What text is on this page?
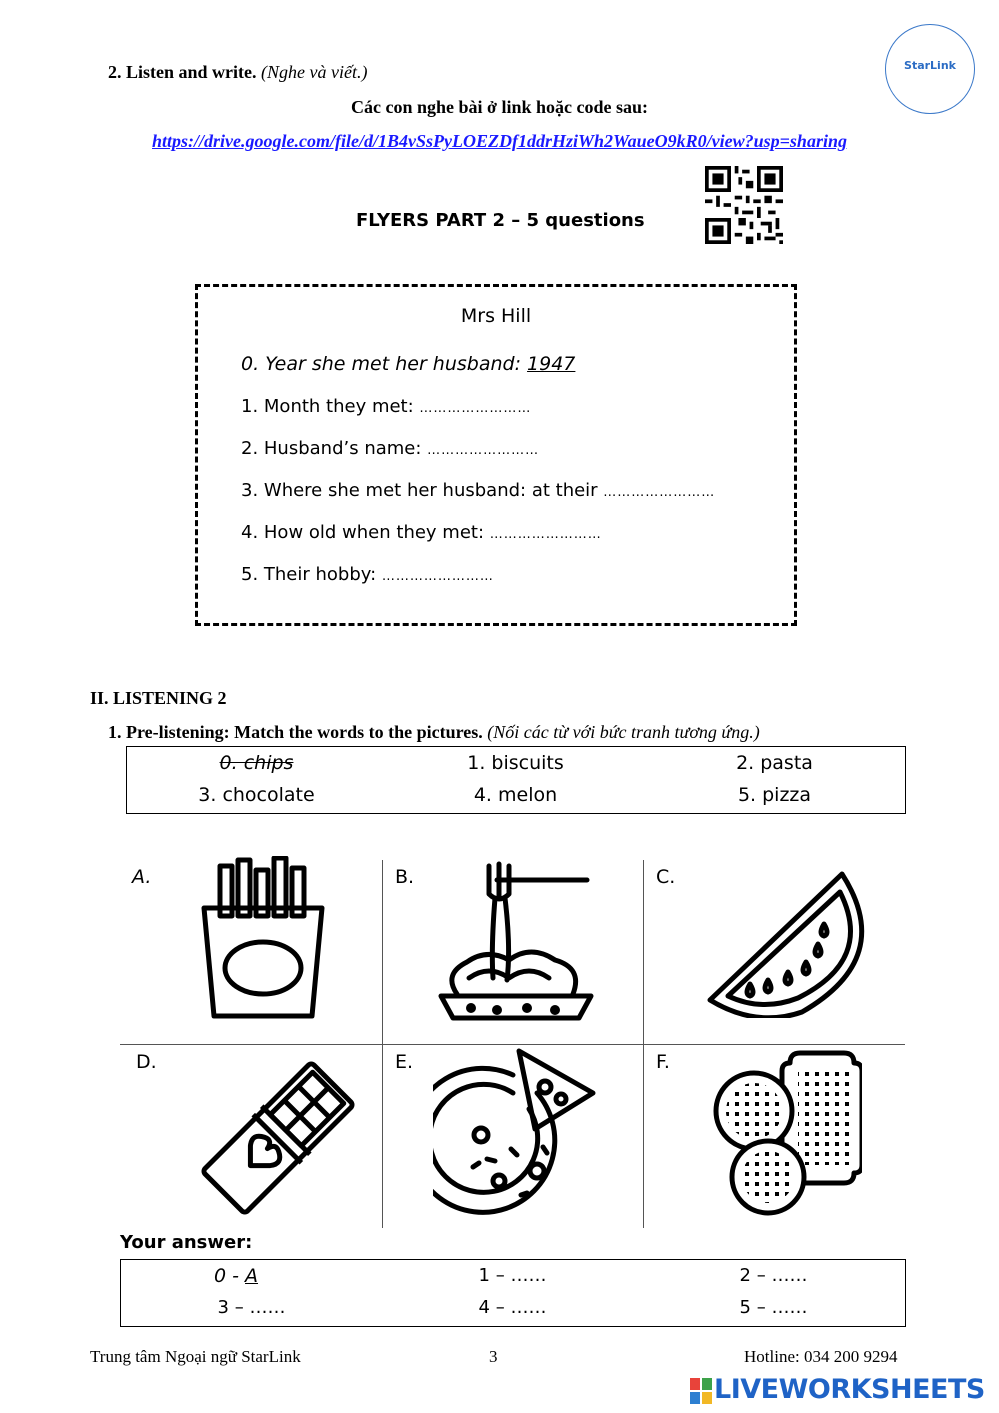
2. Listen and write. (Nghe và viết.)
Các con nghe bài ở link hoặc code sau:
https://drive.google.com/file/d/1B4vSsPyLOEZDf1ddrHziWh2WaueO9kR0/view?usp=sharing
StarLink
FLYERS PART 2 – 5 questions
Mrs Hill
0. Year she met her husband: 1947
1. Month they met: ……………………
2. Husband’s name: ……………………
3. Where she met her husband: at their ……………………
4. How old when they met: ……………………
5. Their hobby: ……………………
II. LISTENING 2
1. Pre-listening: Match the words to the pictures. (Nối các từ với bức tranh tương ứng.)
0. chips	1. biscuits	2. pasta
3. chocolate	4. melon	5. pizza
A.	B.	C.
D.	E.	F.
Your answer:
0 - A	1 – ……	2 – ……
3 – ……	4 – ……	5 – ……
Trung tâm Ngoại ngữ StarLink	3	Hotline: 034 200 9294
LIVEWORKSHEETS
